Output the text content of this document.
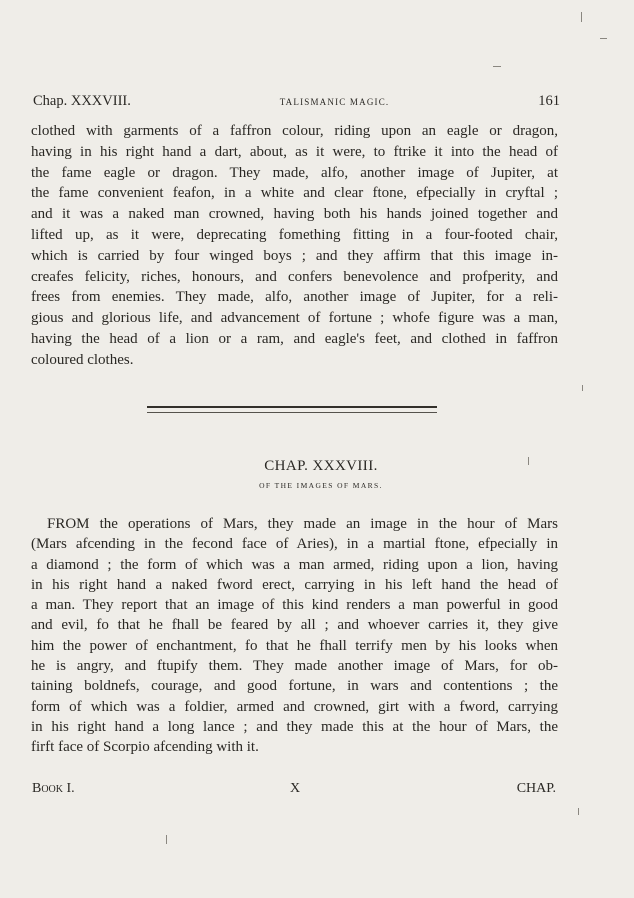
Chap. XXXVIII.	TALISMANIC MAGIC.	161

clothed with garments of a faffron colour, riding upon an eagle or dragon,
having in his right hand a dart, about, as it were, to ftrike it into the head of
the fame eagle or dragon. They made, alfo, another image of Jupiter, at
the fame convenient feafon, in a white and clear ftone, efpecially in cryftal ;
and it was a naked man crowned, having both his hands joined together and
lifted up, as it were, deprecating fomething fitting in a four-footed chair,
which is carried by four winged boys ; and they affirm that this image in-
creafes felicity, riches, honours, and confers benevolence and profperity, and
frees from enemies. They made, alfo, another image of Jupiter, for a reli-
gious and glorious life, and advancement of fortune ; whofe figure was a man,
having the head of a lion or a ram, and eagle's feet, and clothed in faffron
coloured clothes.

CHAP. XXXVIII.
OF THE IMAGES OF MARS.

FROM the operations of Mars, they made an image in the hour of Mars
(Mars afcending in the fecond face of Aries), in a martial ftone, efpecially in
a diamond ; the form of which was a man armed, riding upon a lion, having
in his right hand a naked fword erect, carrying in his left hand the head of
a man. They report that an image of this kind renders a man powerful in good
and evil, fo that he fhall be feared by all ; and whoever carries it, they give
him the power of enchantment, fo that he fhall terrify men by his looks when
he is angry, and ftupify them. They made another image of Mars, for ob-
taining boldnefs, courage, and good fortune, in wars and contentions ; the
form of which was a foldier, armed and crowned, girt with a fword, carrying
in his right hand a long lance ; and they made this at the hour of Mars, the
firft face of Scorpio afcending with it.

Book I.	X	CHAP.
